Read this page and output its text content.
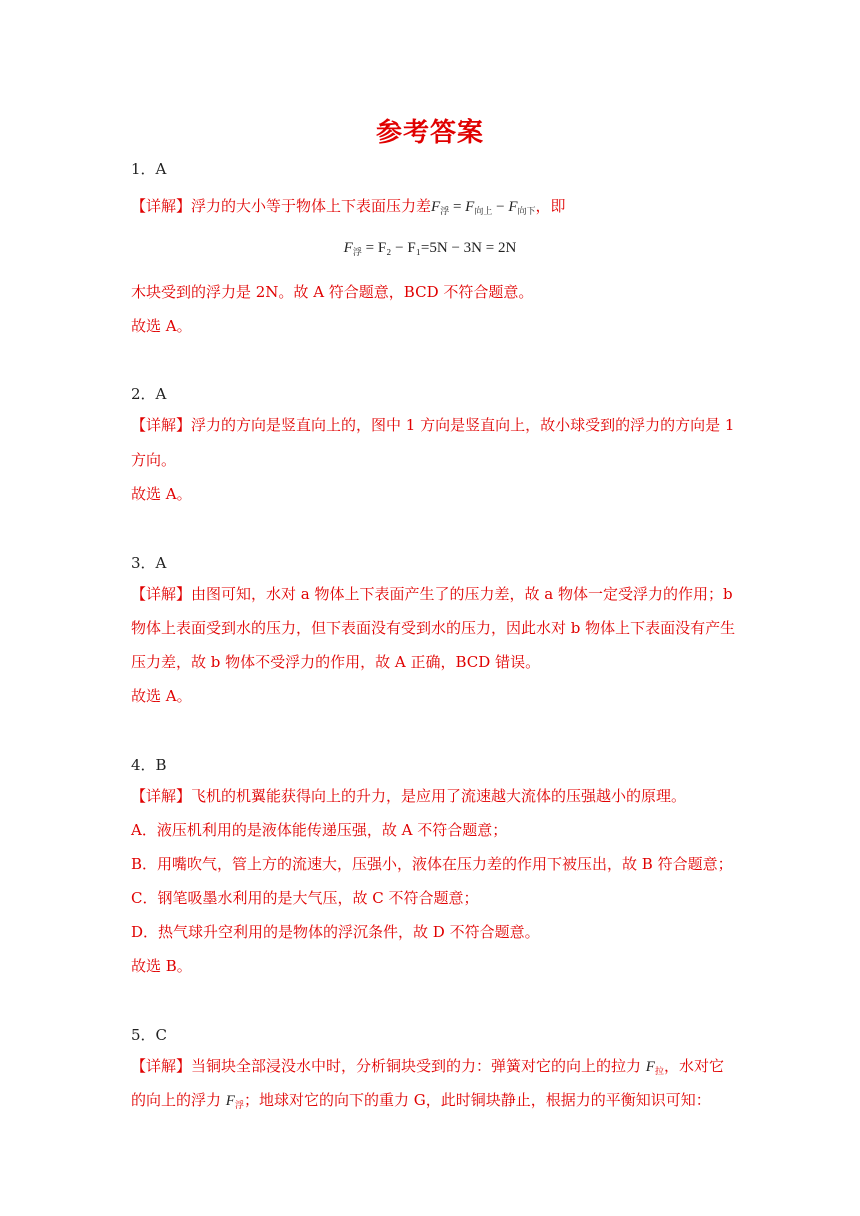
参考答案
1．A
【详解】浮力的大小等于物体上下表面压力差$F_浮 = F_{向上} - F_{向下}$，即
$F_浮 = F_2 - F_1=5N - 3N = 2N$
木块受到的浮力是 2N。故 A 符合题意，BCD 不符合题意。
故选 A。
2．A
【详解】浮力的方向是竖直向上的，图中 1 方向是竖直向上，故小球受到的浮力的方向是 1
方向。
故选 A。
3．A
【详解】由图可知，水对 a 物体上下表面产生了的压力差，故 a 物体一定受浮力的作用；b
物体上表面受到水的压力，但下表面没有受到水的压力，因此水对 b 物体上下表面没有产生
压力差，故 b 物体不受浮力的作用，故 A 正确，BCD 错误。
故选 A。
4．B
【详解】飞机的机翼能获得向上的升力，是应用了流速越大流体的压强越小的原理。
A．液压机利用的是液体能传递压强，故 A 不符合题意；
B．用嘴吹气，管上方的流速大，压强小，液体在压力差的作用下被压出，故 B 符合题意；
C．钢笔吸墨水利用的是大气压，故 C 不符合题意；
D．热气球升空利用的是物体的浮沉条件，故 D 不符合题意。
故选 B。
5．C
【详解】当铜块全部浸没水中时，分析铜块受到的力：弹簧对它的向上的拉力 $F_拉$，水对它
的向上的浮力 $F_浮$；地球对它的向下的重力 G，此时铜块静止，根据力的平衡知识可知：
